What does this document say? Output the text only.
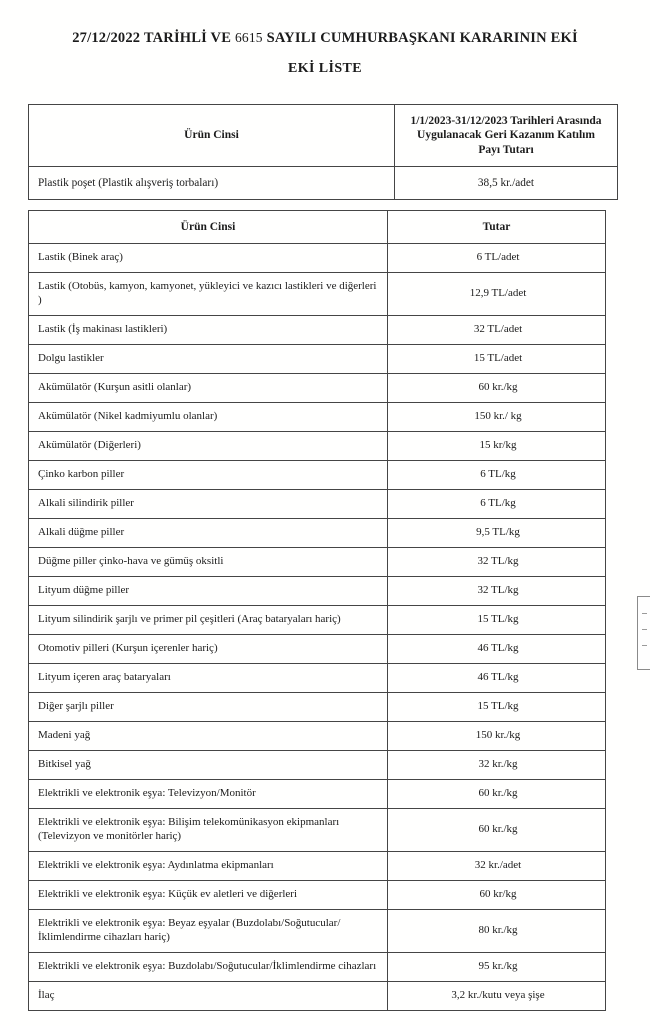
27/12/2022 TARİHLİ VE 6615 SAYILI CUMHURBAŞKANI KARARININ EKİ
EKİ LİSTE
Ürün Cinsi	1/1/2023-31/12/2023 Tarihleri Arasında Uygulanacak Geri Kazanım Katılım Payı Tutarı
Plastik poşet (Plastik alışveriş torbaları)	38,5 kr./adet
Ürün Cinsi	Tutar
Lastik (Binek araç)	6 TL/adet
Lastik (Otobüs, kamyon, kamyonet, yükleyici ve kazıcı lastikleri ve diğerleri )	12,9 TL/adet
Lastik (İş makinası lastikleri)	32 TL/adet
Dolgu lastikler	15 TL/adet
Akümülatör (Kurşun asitli olanlar)	60 kr./kg
Akümülatör (Nikel kadmiyumlu olanlar)	150 kr./ kg
Akümülatör (Diğerleri)	15 kr/kg
Çinko karbon piller	6 TL/kg
Alkali silindirik piller	6 TL/kg
Alkali düğme piller	9,5 TL/kg
Düğme piller çinko-hava ve gümüş oksitli	32 TL/kg
Lityum düğme piller	32 TL/kg
Lityum silindirik şarjlı ve primer pil çeşitleri (Araç bataryaları hariç)	15 TL/kg
Otomotiv pilleri (Kurşun içerenler hariç)	46 TL/kg
Lityum içeren araç bataryaları	46 TL/kg
Diğer şarjlı piller	15 TL/kg
Madeni yağ	150 kr./kg
Bitkisel yağ	32 kr./kg
Elektrikli ve elektronik eşya: Televizyon/Monitör	60 kr./kg
Elektrikli ve elektronik eşya: Bilişim telekomünikasyon ekipmanları (Televizyon ve monitörler hariç)	60 kr./kg
Elektrikli ve elektronik eşya: Aydınlatma ekipmanları	32 kr./adet
Elektrikli ve elektronik eşya: Küçük ev aletleri ve diğerleri	60 kr/kg
Elektrikli ve elektronik eşya: Beyaz eşyalar (Buzdolabı/Soğutucular/İklimlendirme cihazları hariç)	80 kr./kg
Elektrikli ve elektronik eşya: Buzdolabı/Soğutucular/İklimlendirme cihazları	95 kr./kg
İlaç	3,2 kr./kutu veya şişe
